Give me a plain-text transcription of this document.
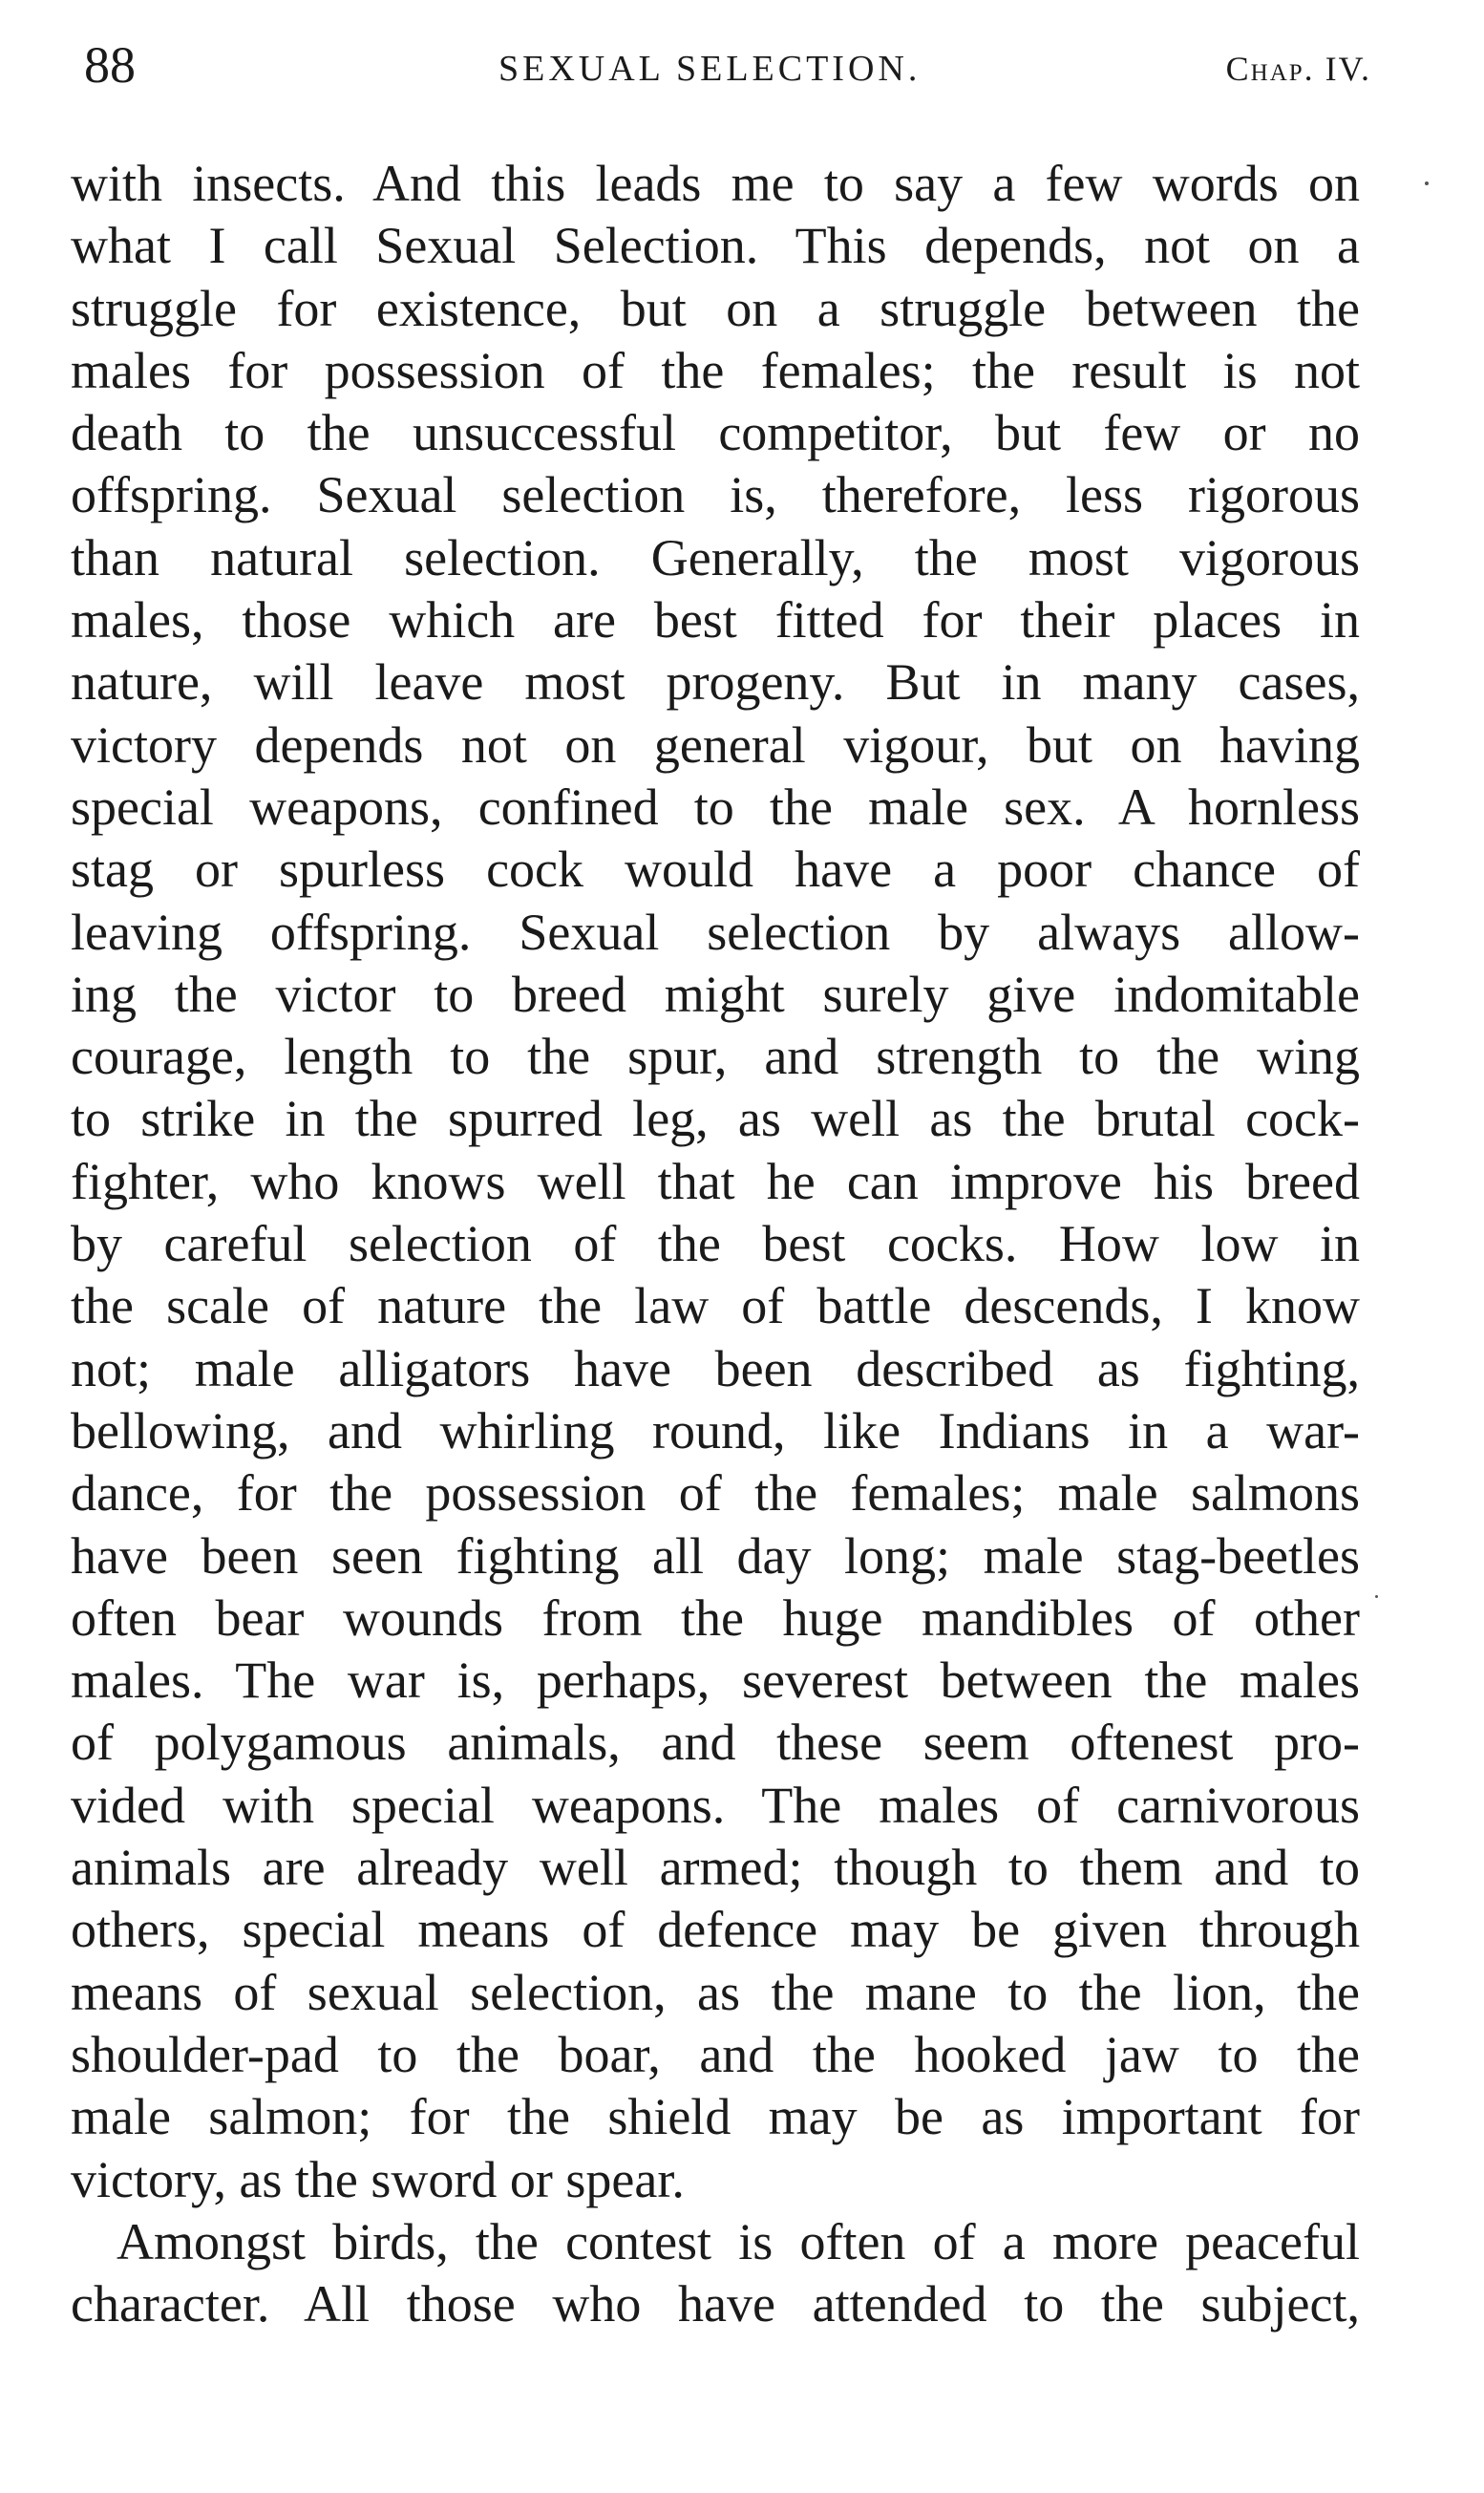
88	SEXUAL SELECTION.	Chap. IV.
with insects. And this leads me to say a few words on
what I call Sexual Selection. This depends, not on a
struggle for existence, but on a struggle between the
males for possession of the females; the result is not
death to the unsuccessful competitor, but few or no
offspring. Sexual selection is, therefore, less rigorous
than natural selection. Generally, the most vigorous
males, those which are best fitted for their places in
nature, will leave most progeny. But in many cases,
victory depends not on general vigour, but on having
special weapons, confined to the male sex. A hornless
stag or spurless cock would have a poor chance of
leaving offspring. Sexual selection by always allow-
ing the victor to breed might surely give indomitable
courage, length to the spur, and strength to the wing
to strike in the spurred leg, as well as the brutal cock-
fighter, who knows well that he can improve his breed
by careful selection of the best cocks. How low in
the scale of nature the law of battle descends, I know
not; male alligators have been described as fighting,
bellowing, and whirling round, like Indians in a war-
dance, for the possession of the females; male salmons
have been seen fighting all day long; male stag-beetles
often bear wounds from the huge mandibles of other
males. The war is, perhaps, severest between the males
of polygamous animals, and these seem oftenest pro-
vided with special weapons. The males of carnivorous
animals are already well armed; though to them and to
others, special means of defence may be given through
means of sexual selection, as the mane to the lion, the
shoulder-pad to the boar, and the hooked jaw to the
male salmon; for the shield may be as important for
victory, as the sword or spear.
Amongst birds, the contest is often of a more peaceful
character. All those who have attended to the subject,
